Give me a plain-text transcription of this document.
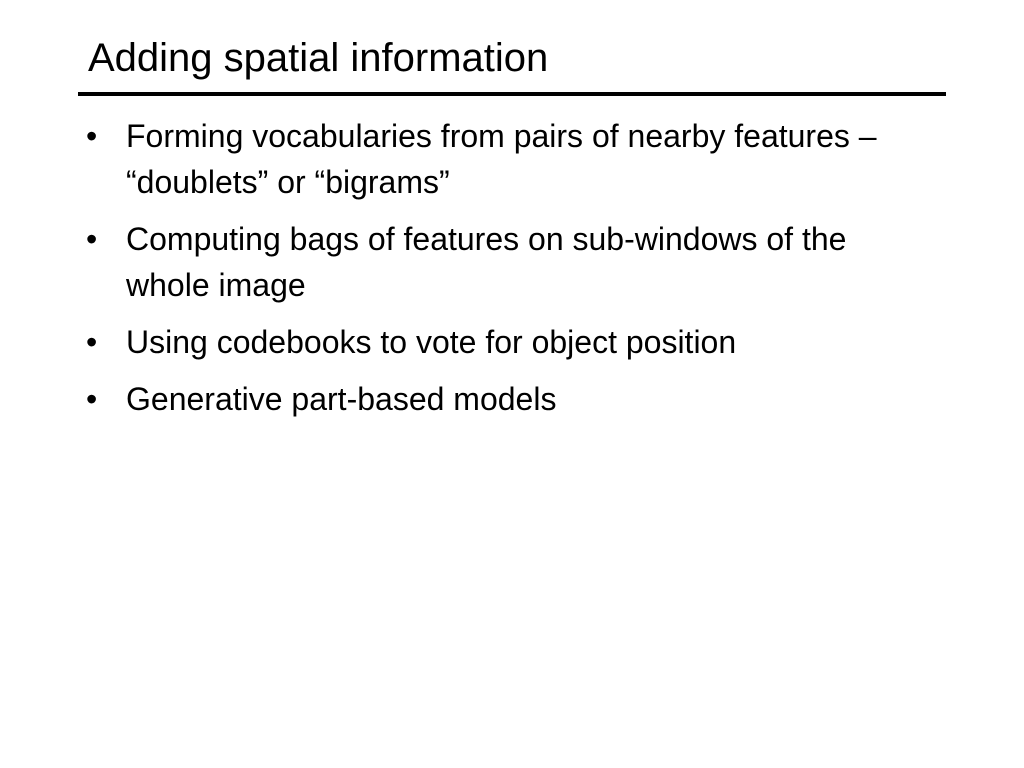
Adding spatial information
• Forming vocabularies from pairs of nearby features – “doublets” or “bigrams”
• Computing bags of features on sub-windows of the whole image
• Using codebooks to vote for object position
• Generative part-based models
